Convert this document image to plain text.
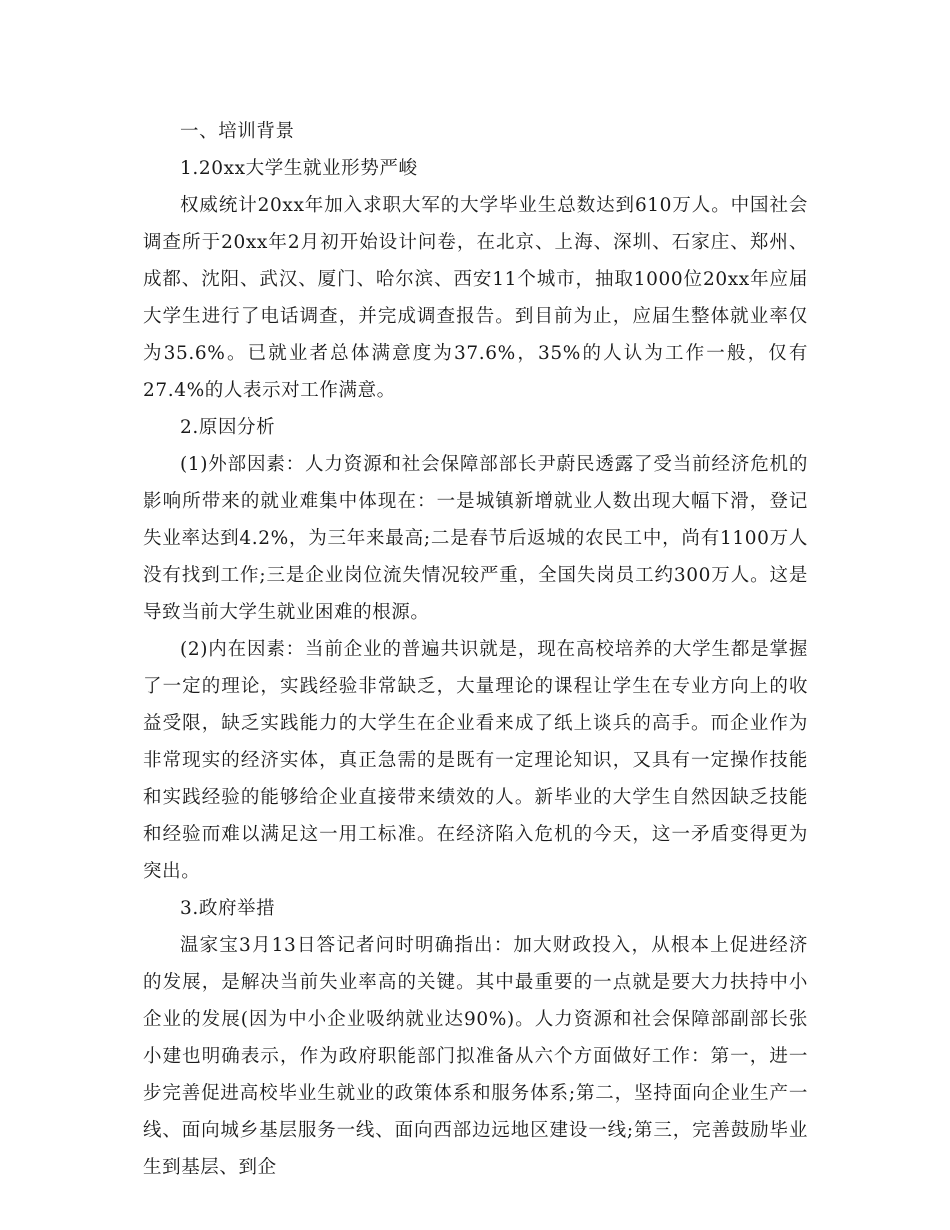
一、培训背景

1.20xx大学生就业形势严峻

权威统计20xx年加入求职大军的大学毕业生总数达到610万人。中国社会调查所于20xx年2月初开始设计问卷，在北京、上海、深圳、石家庄、郑州、成都、沈阳、武汉、厦门、哈尔滨、西安11个城市，抽取1000位20xx年应届大学生进行了电话调查，并完成调查报告。到目前为止，应届生整体就业率仅为35.6%。已就业者总体满意度为37.6%，35%的人认为工作一般，仅有27.4%的人表示对工作满意。

2.原因分析

(1)外部因素：人力资源和社会保障部部长尹蔚民透露了受当前经济危机的影响所带来的就业难集中体现在：一是城镇新增就业人数出现大幅下滑，登记失业率达到4.2%，为三年来最高;二是春节后返城的农民工中，尚有1100万人没有找到工作;三是企业岗位流失情况较严重，全国失岗员工约300万人。这是导致当前大学生就业困难的根源。

(2)内在因素：当前企业的普遍共识就是，现在高校培养的大学生都是掌握了一定的理论，实践经验非常缺乏，大量理论的课程让学生在专业方向上的收益受限，缺乏实践能力的大学生在企业看来成了纸上谈兵的高手。而企业作为非常现实的经济实体，真正急需的是既有一定理论知识，又具有一定操作技能和实践经验的能够给企业直接带来绩效的人。新毕业的大学生自然因缺乏技能和经验而难以满足这一用工标准。在经济陷入危机的今天，这一矛盾变得更为突出。

3.政府举措

温家宝3月13日答记者问时明确指出：加大财政投入，从根本上促进经济的发展，是解决当前失业率高的关键。其中最重要的一点就是要大力扶持中小企业的发展(因为中小企业吸纳就业达90%)。人力资源和社会保障部副部长张小建也明确表示，作为政府职能部门拟准备从六个方面做好工作：第一，进一步完善促进高校毕业生就业的政策体系和服务体系;第二，坚持面向企业生产一线、面向城乡基层服务一线、面向西部边远地区建设一线;第三，完善鼓励毕业生到基层、到企
